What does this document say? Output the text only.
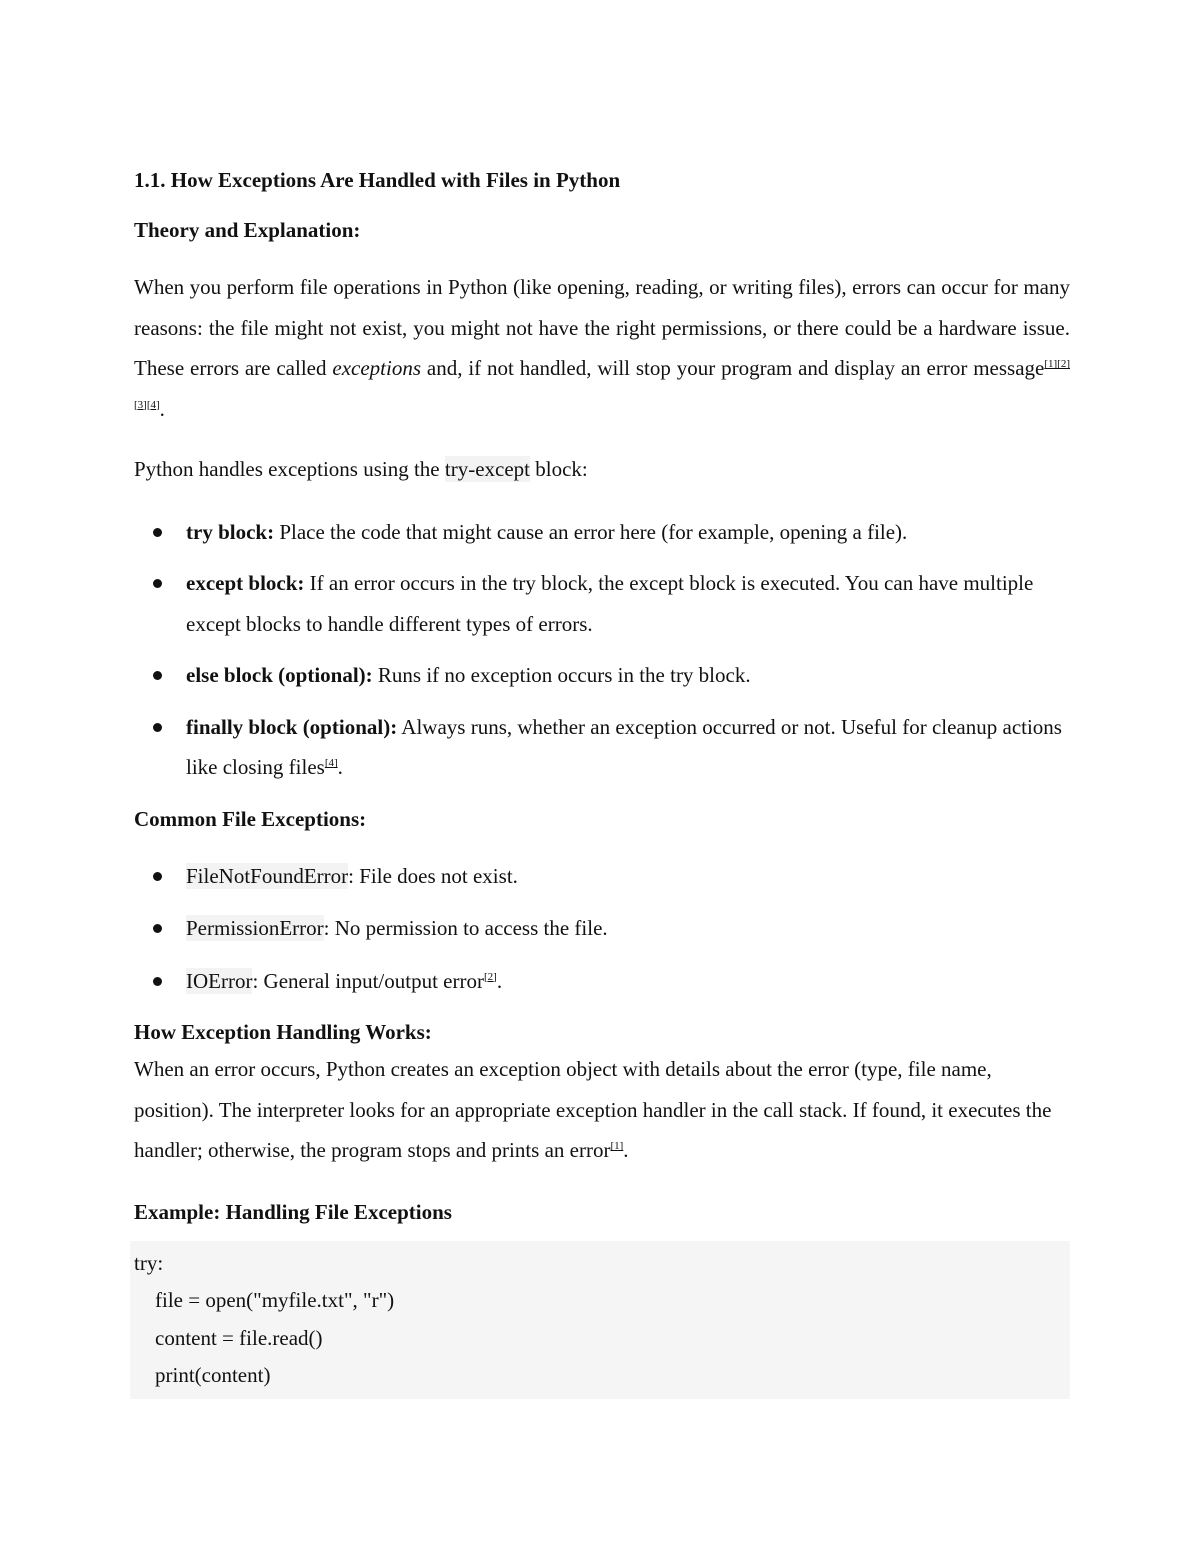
1.1. How Exceptions Are Handled with Files in Python
Theory and Explanation:

When you perform file operations in Python (like opening, reading, or writing files), errors can occur for many reasons: the file might not exist, you might not have the right permissions, or there could be a hardware issue. These errors are called exceptions and, if not handled, will stop your program and display an error message[1][2][3][4].

Python handles exceptions using the try-except block:

try block: Place the code that might cause an error here (for example, opening a file).
except block: If an error occurs in the try block, the except block is executed. You can have multiple except blocks to handle different types of errors.
else block (optional): Runs if no exception occurs in the try block.
finally block (optional): Always runs, whether an exception occurred or not. Useful for cleanup actions like closing files[4].
Common File Exceptions:
FileNotFoundError: File does not exist.
PermissionError: No permission to access the file.
IOError: General input/output error[2].
How Exception Handling Works:

When an error occurs, Python creates an exception object with details about the error (type, file name, position). The interpreter looks for an appropriate exception handler in the call stack. If found, it executes the handler; otherwise, the program stops and prints an error[1].

Example: Handling File Exceptions
try:
file = open("myfile.txt", "r")
content = file.read()
print(content)
